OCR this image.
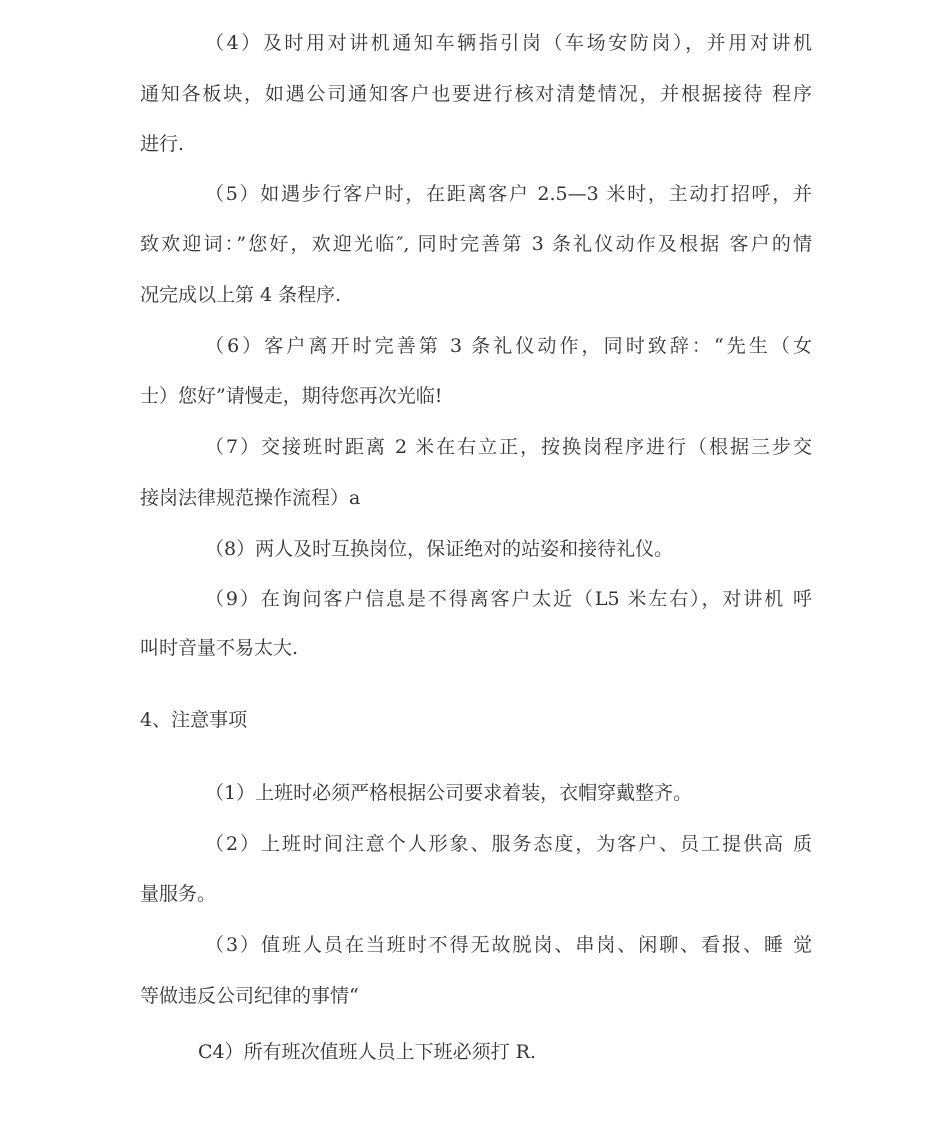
（4）及时用对讲机通知车辆指引岗（车场安防岗），并用对讲机
通知各板块，如遇公司通知客户也要进行核对清楚情况，并根据接待 程序
进行.
（5）如遇步行客户时，在距离客户 2.5—3 米时，主动打招呼，并
致欢迎词：”您好，欢迎光临″, 同时完善第 3 条礼仪动作及根据 客户的情
况完成以上第 4 条程序.
（6）客户离开时完善第 3 条礼仪动作，同时致辞：“先生（女
士）您好”请慢走，期待您再次光临!
（7）交接班时距离 2 米在右立正，按换岗程序进行（根据三步交
接岗法律规范操作流程）a
（8）两人及时互换岗位，保证绝对的站姿和接待礼仪。
（9）在询问客户信息是不得离客户太近（L5 米左右），对讲机 呼
叫时音量不易太大.
4、注意事项
（1）上班时必须严格根据公司要求着装，衣帽穿戴整齐。
（2）上班时间注意个人形象、服务态度，为客户、员工提供高 质
量服务。
（3）值班人员在当班时不得无故脱岗、串岗、闲聊、看报、睡 觉
等做违反公司纪律的事情“
C4）所有班次值班人员上下班必须打 R.
